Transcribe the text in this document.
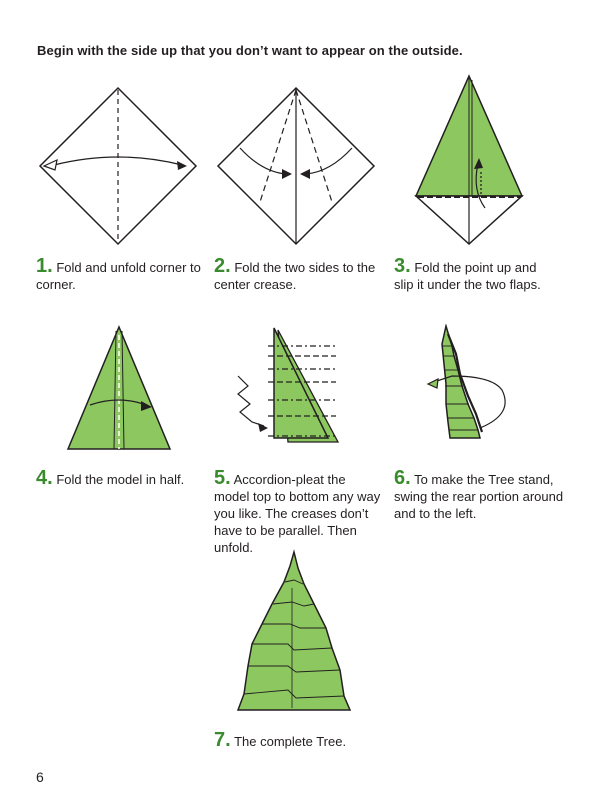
Begin with the side up that you don’t want to appear on the outside.
1. Fold and unfold corner to corner.
2. Fold the two sides to the center crease.
3. Fold the point up and slip it under the two flaps.
4. Fold the model in half.	5. Accordion-pleat the model top to bottom any way you like. The creases don’t have to be parallel. Then unfold.
6. To make the Tree stand, swing the rear portion around and to the left.
7. The complete Tree.
6
